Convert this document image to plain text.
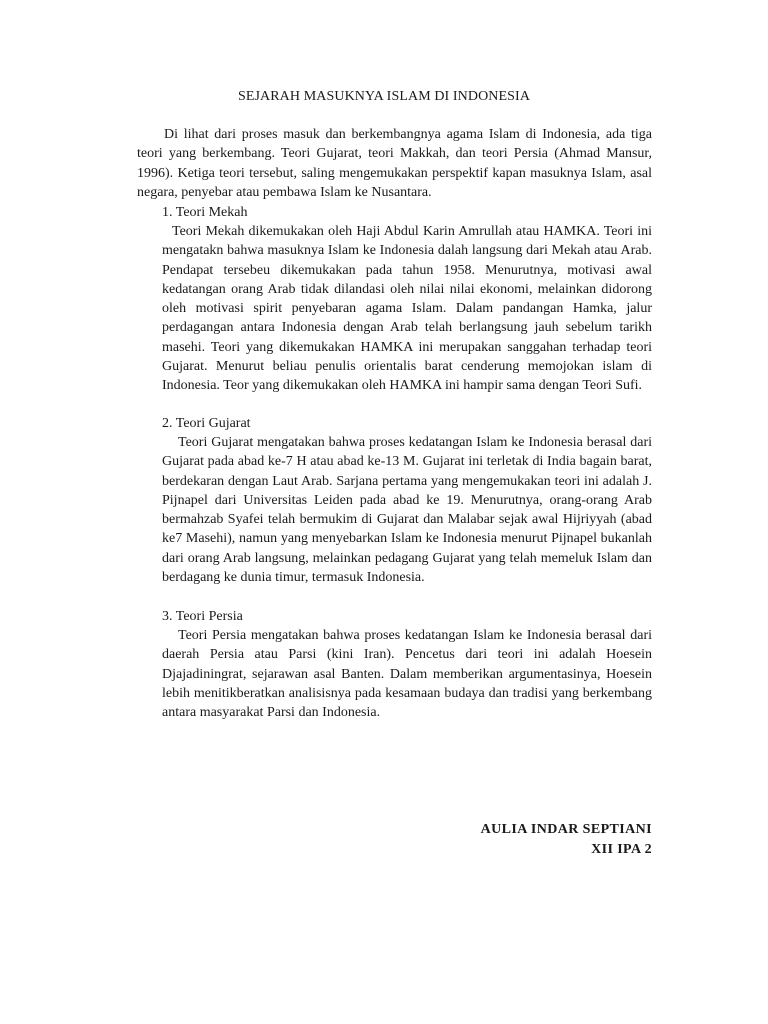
SEJARAH MASUKNYA ISLAM DI INDONESIA

Di lihat dari proses masuk dan berkembangnya agama Islam di Indonesia, ada tiga teori yang berkembang. Teori Gujarat, teori Makkah, dan teori Persia (Ahmad Mansur, 1996). Ketiga teori tersebut, saling mengemukakan perspektif kapan masuknya Islam, asal negara, penyebar atau pembawa Islam ke Nusantara.

1. Teori Mekah

Teori Mekah dikemukakan oleh Haji Abdul Karin Amrullah atau HAMKA. Teori ini mengatakn bahwa masuknya Islam ke Indonesia dalah langsung dari Mekah atau Arab. Pendapat tersebeu dikemukakan pada tahun 1958. Menurutnya, motivasi awal kedatangan orang Arab tidak dilandasi oleh nilai nilai ekonomi, melainkan didorong oleh motivasi spirit penyebaran agama Islam. Dalam pandangan Hamka, jalur perdagangan antara Indonesia dengan Arab telah berlangsung jauh sebelum tarikh masehi. Teori yang dikemukakan HAMKA ini merupakan sanggahan terhadap teori Gujarat. Menurut beliau penulis orientalis barat cenderung memojokan islam di Indonesia. Teor yang dikemukakan oleh HAMKA ini hampir sama dengan Teori Sufi.

2. Teori Gujarat

Teori Gujarat mengatakan bahwa proses kedatangan Islam ke Indonesia berasal dari Gujarat pada abad ke-7 H atau abad ke-13 M. Gujarat ini terletak di India bagain barat, berdekaran dengan Laut Arab. Sarjana pertama yang mengemukakan teori ini adalah J. Pijnapel dari Universitas Leiden pada abad ke 19. Menurutnya, orang-orang Arab bermahzab Syafei telah bermukim di Gujarat dan Malabar sejak awal Hijriyyah (abad ke7 Masehi), namun yang menyebarkan Islam ke Indonesia menurut Pijnapel bukanlah dari orang Arab langsung, melainkan pedagang Gujarat yang telah memeluk Islam dan berdagang ke dunia timur, termasuk Indonesia.

3. Teori Persia

Teori Persia mengatakan bahwa proses kedatangan Islam ke Indonesia berasal dari daerah Persia atau Parsi (kini Iran). Pencetus dari teori ini adalah Hoesein Djajadiningrat, sejarawan asal Banten. Dalam memberikan argumentasinya, Hoesein lebih menitikberatkan analisisnya pada kesamaan budaya dan tradisi yang berkembang antara masyarakat Parsi dan Indonesia.

AULIA INDAR SEPTIANI
XII IPA 2
